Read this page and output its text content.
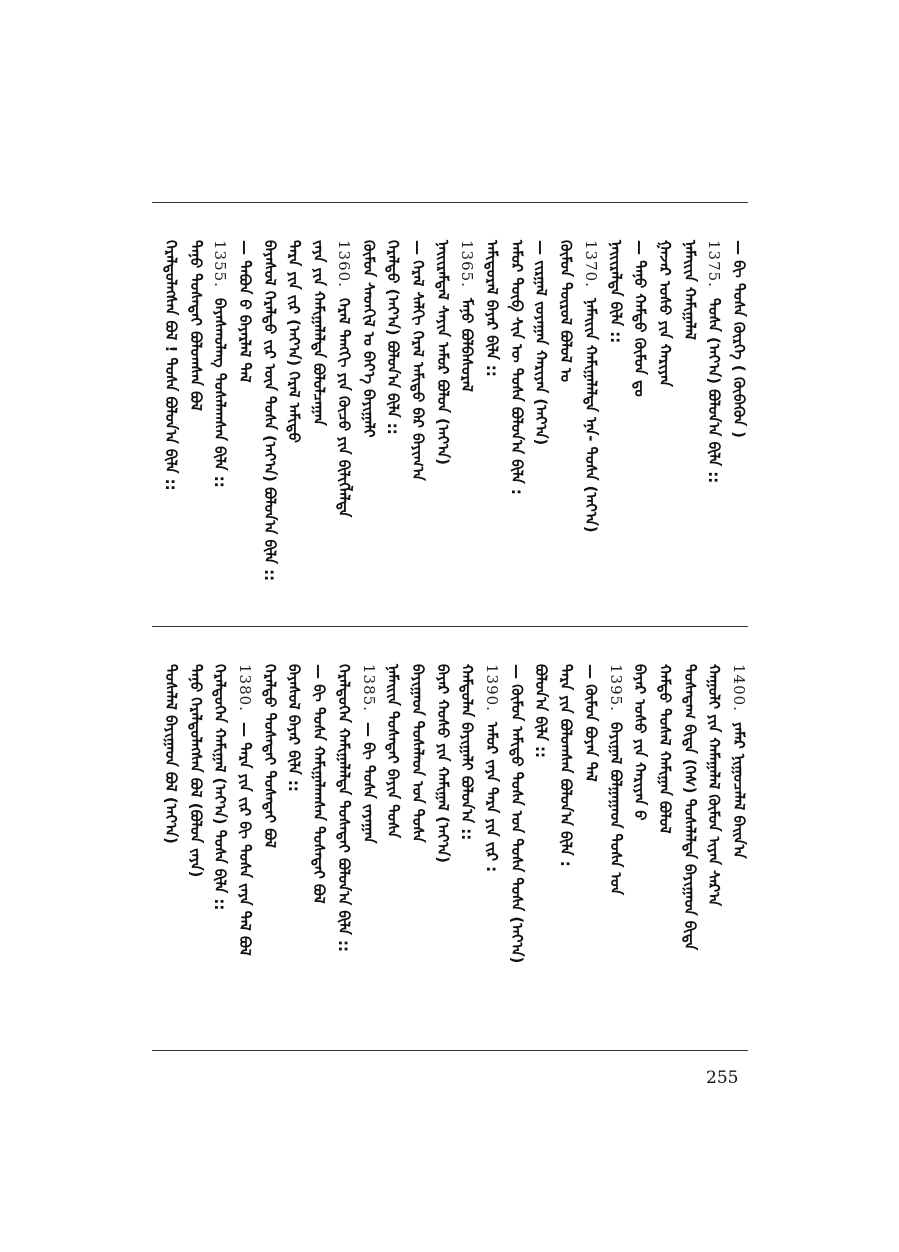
— ᠪᠢ ᠲᠤᠰᠠ ᠬᠦᠷᠭᠡ ( ᠬᠥᠪᠡᠭᠦᠨ )
1375.
ᠲᠤᠰᠠ (ᠠᠶ᠎ᠠ) ᠪᠤᠯᠤᠨ᠎ᠠ ᠪᠢᠯᠡ ::
ᠨᠠᠮᠠᠢᠢᠨ ᠬᠠᠮᠢᠭᠠᠯᠠᠯ
ᠭᠠᠵᠠᠷ ᠤᠰᠤ ᠶᠢᠨ ᠬᠠᠷᠢᠶᠠᠨ
— ᠲᠠᠨᠤ ᠬᠠᠮᠲᠤ ᠬᠦᠮᠦᠨ ᠳᠤ
ᠨᠠᠢᠢᠷᠠᠯᠲᠠ ᠪᠢᠯᠡ ::
1370.
ᠨᠠᠮᠠᠢᠢᠨ ᠬᠠᠮᠢᠭᠠᠯᠠᠯᠲᠠ ᠡᠨᠡ- ᠲᠤᠰᠠ (ᠠᠶ᠎ᠠ)
ᠬᠦᠮᠦᠨ ᠲᠥᠷᠦᠯ ᠪᠤᠯᠤᠯ ᠤ
— ᠵᠢᠷᠭᠠᠯ ᠵᠤᠶᠠᠭᠠᠨ ᠬᠠᠷᠢᠶᠠᠨ (ᠠᠶ᠎ᠠ)
ᠠᠮᠤᠷ ᠲᠦᠪ ᠰᠢᠨ ᠦ ᠲᠤᠰᠠ ᠪᠤᠯᠤᠨ᠎ᠠ ᠪᠢᠯᠡ :
ᠠᠮᠢᠳᠤᠷᠠᠯ ᠪᠠᠶᠠᠷ ᠪᠢᠯᠡ ::
1365.
ᠮᠠᠨᠤ ᠪᠣᠯᠪᠠᠰᠤᠷᠠᠯ
ᠨᠠᠢᠢᠷᠠᠮᠳᠠᠯ ᠰᠠᠶᠢᠨ ᠠᠮᠤᠷ ᠪᠤᠯᠤᠨ (ᠠᠶ᠎ᠠ)
— ᠭᠡᠷᠡᠯ ᠰᠠᠯᠬᠢ ᠭᠡᠷᠡᠯ ᠠᠮᠢᠳᠤ ᠪᠡᠷ ᠪᠠᠶᠢᠭ᠎ᠠ
ᠭᠡᠷᠡᠯᠲᠦ (ᠠᠶ᠎ᠠ) ᠪᠤᠯᠤᠨ᠎ᠠ ᠪᠢᠯᠡ ::
ᠬᠦᠮᠦᠨ ᠰᠡᠳᠬᠢᠯ ᠤ ᠪᠡᠶ᠎ᠡ ᠪᠠᠶᠢᠭᠠᠯᠢ
1360.
ᠭᠡᠷᠡᠯ ᠲᠡᠩᠭᠢ ᠶᠢᠨ ᠬᠦᠴᠦ ᠶᠢᠨ ᠪᠢᠯᠢᠭᠯᠡᠯᠲᠡ
ᠵᠠᠶᠠ ᠶᠢᠨ ᠬᠠᠮᠢᠭᠠᠯᠠᠯᠲᠠ ᠪᠤᠯᠤᠯᠴᠠᠭᠠᠨ
ᠲᠡᠷᠡ ᠶᠢᠨ ᠵᠢᠷ (ᠠᠶ᠎ᠠ) ᠭᠡᠷᠡᠯ ᠠᠮᠢᠳᠤ
ᠪᠠᠶᠠᠰᠤᠯ ᠭᠡᠷᠡᠯᠲᠦ ᠵᠢᠷ ᠦᠨ ᠲᠤᠰᠠ (ᠠᠶ᠎ᠠ) ᠪᠤᠯᠤᠨ᠎ᠠ ᠪᠢᠯᠡ ::
— ᠲᠠᠪᠤᠨ ᠪ ᠪᠠᠶᠠᠷᠯᠠᠯ ᠲᠠᠯ
1355.
ᠪᠠᠶᠠᠰᠬᠤᠯᠠᠩ ᠲᠤᠰᠠᠯᠠᠭᠰᠠᠨ ᠪᠢᠯᠡ ::
ᠲᠠᠨᠤ ᠲᠤᠰᠠᠲᠠᠢ ᠪᠤᠯᠤᠭᠰᠠᠨ ᠪᠣᠯ
ᠭᠡᠷᠡᠯᠲᠦᠯᠡᠭᠰᠡᠨ ᠪᠣᠯ ! ᠲᠤᠰᠠ ᠪᠤᠯᠤᠨ᠎ᠠ ᠪᠢᠯᠡ ::
1400.
ᠶᠠᠮᠠᠷ ᠨᠢᠭᠤᠴᠠᠯᠠᠯ ᠪᠠᠢᠨ᠎ᠠ
ᠬᠠᠭᠤᠯᠢ ᠶᠢᠨ ᠬᠠᠮᠠᠭᠠᠯᠠᠯ ᠬᠦᠮᠦᠨ ᠢᠶᠡᠨ ᠰᠠᠷ᠎ᠠ
ᠲᠤᠰᠠᠳᠠᠭ ᠪᠢᠳᠡ (ᠬᠡᠰ) ᠲᠤᠰᠠᠯᠠᠯᠲᠠ ᠪᠠᠶᠢᠭᠠᠳ ᠪᠢᠳᠡ
ᠬᠠᠮᠲᠤ ᠲᠤᠰᠠᠯ ᠬᠠᠮᠢᠭᠠᠨ ᠪᠤᠯᠤᠯ
ᠪᠠᠶᠠᠷ ᠤᠰᠤ ᠶᠢᠨ ᠬᠠᠷᠢᠶᠠᠨ ᠪ
1395.
ᠪᠠᠶᠢᠭᠠᠯ ᠪᠤᠯᠭᠠᠭᠠᠳ ᠲᠤᠰᠠ ᠤᠨ
— ᠬᠦᠮᠦᠨ ᠪᠤᠶᠠᠨ ᠲᠠᠯ
ᠲᠡᠷᠡ ᠶᠢᠨ ᠪᠣᠯᠤᠭᠰᠠᠨ ᠪᠤᠯᠤᠨ᠎ᠠ ᠪᠢᠯᠡ :
ᠪᠤᠯᠤᠨ᠎ᠠ ᠪᠢᠯᠡ ::
— ᠬᠦᠮᠦᠨ ᠠᠮᠢᠳᠤ ᠲᠤᠰᠠ ᠤᠨ ᠲᠤᠰᠠ ᠲᠤᠰᠠ (ᠠᠶ᠎ᠠ)
1390.
ᠠᠮᠤᠷ ᠵᠠᠶᠠ ᠲᠡᠷᠡ ᠶᠢᠨ ᠵᠢᠷ :
ᠬᠠᠮᠲᠤᠯᠠᠨ ᠪᠠᠶᠢᠭᠠᠯᠢ ᠪᠤᠯᠤᠨ᠎ᠠ ::
ᠪᠠᠶᠠᠷ ᠬᠤᠰᠤ ᠶᠢᠨ ᠬᠠᠮᠢᠭᠠᠯ (ᠠᠶ᠎ᠠ)
ᠪᠠᠶᠢᠭᠠᠳ ᠲᠤᠰᠠᠯᠠᠳ ᠤᠨ ᠲᠤᠰᠠ
ᠨᠠᠮᠠᠢᠢᠨ ᠲᠤᠰᠠᠲᠠᠢ ᠪᠠᠶᠢᠨ ᠲᠤᠰᠠ
1385.
— ᠪᠢ ᠲᠤᠰᠠ ᠵᠠᠶᠠᠭᠠᠨ
ᠭᠡᠷᠡᠯᠲᠦᠭᠡᠨ ᠬᠠᠮᠢᠭᠠᠯᠠᠯᠲᠠ ᠲᠤᠰᠠᠲᠠᠢ ᠪᠤᠯᠤᠨ᠎ᠠ ᠪᠢᠯᠡ ::
— ᠪᠢ ᠲᠤᠰᠠ ᠬᠠᠮᠢᠭᠠᠯᠠᠭᠰᠠᠨ ᠲᠤᠰᠠᠲᠠᠢ ᠪᠤᠯ
ᠪᠠᠶᠠᠰᠤᠯ ᠪᠠᠶᠠᠷ ᠪᠢᠯᠡ ::
ᠭᠡᠷᠡᠯᠲᠦ ᠲᠤᠰᠠᠲᠠᠢ ᠲᠤᠰᠠᠲᠠᠢ ᠪᠤᠯ
1380.
— ᠲᠡᠷᠡ ᠶᠢᠨ ᠵᠢᠷ ᠪᠢ ᠲᠤᠰᠠ ᠵᠠᠶᠠ ᠲᠠᠯ ᠪᠣᠯ
ᠭᠡᠷᠡᠯᠲᠦᠭᠡᠨ ᠬᠠᠮᠢᠭᠠᠯ (ᠠᠶ᠎ᠠ) ᠲᠤᠰᠠ ᠪᠢᠯᠡ ::
ᠲᠠᠨᠤ ᠭᠡᠷᠡᠯᠲᠦᠯᠡᠭᠰᠡᠨ ᠪᠣᠯ (ᠪᠤᠯᠤᠨ ᠵᠠᠶᠠ)
ᠲᠤᠰᠠᠯᠠᠯ ᠪᠠᠶᠢᠭᠠᠳ ᠪᠣᠯ (ᠠᠶ᠎ᠠ)
255
